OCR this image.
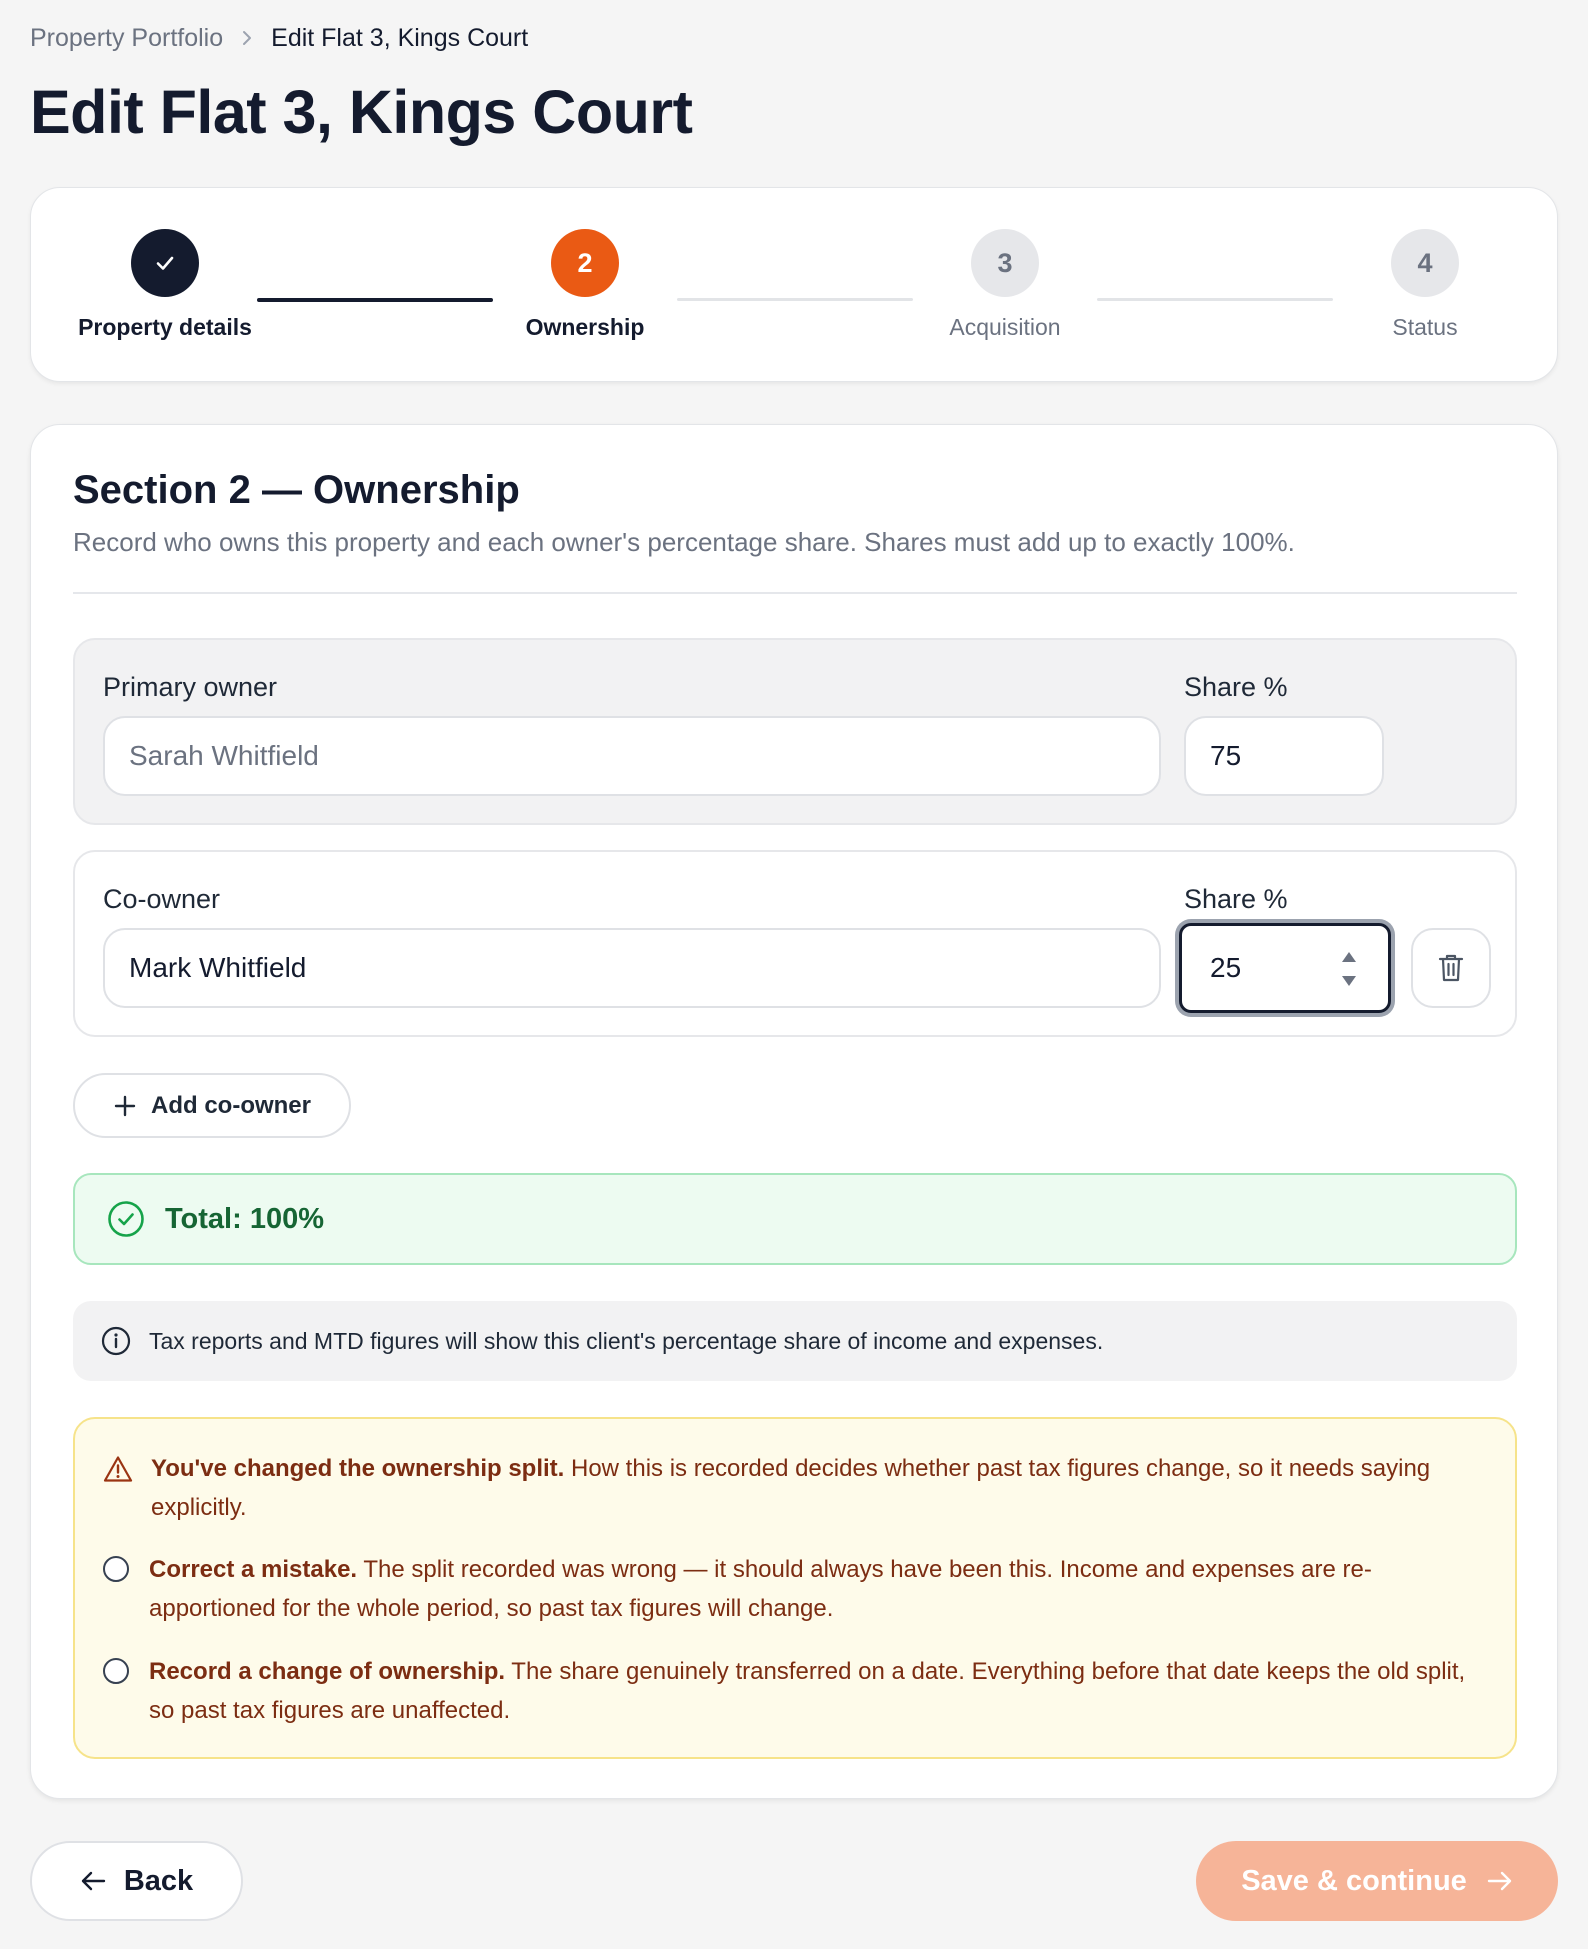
Property Portfolio Edit Flat 3, Kings Court
Edit Flat 3, Kings Court
Property details
2
Ownership
3
Acquisition
4
Status
Section 2 — Ownership

Record who owns this property and each owner's percentage share. Shares must add up to exactly 100%.

Primary owner	Share %
Sarah Whitfield	75
Co-owner	Share %
Mark Whitfield	25
Add co-owner
Total: 100%
Tax reports and MTD figures will show this client's percentage share of income and expenses.

You've changed the ownership split. How this is recorded decides whether past tax figures change, so it needs saying explicitly.

Correct a mistake. The split recorded was wrong — it should always have been this. Income and expenses are re-apportioned for the whole period, so past tax figures will change.

Record a change of ownership. The share genuinely transferred on a date. Everything before that date keeps the old split, so past tax figures are unaffected.

Back	Save & continue
